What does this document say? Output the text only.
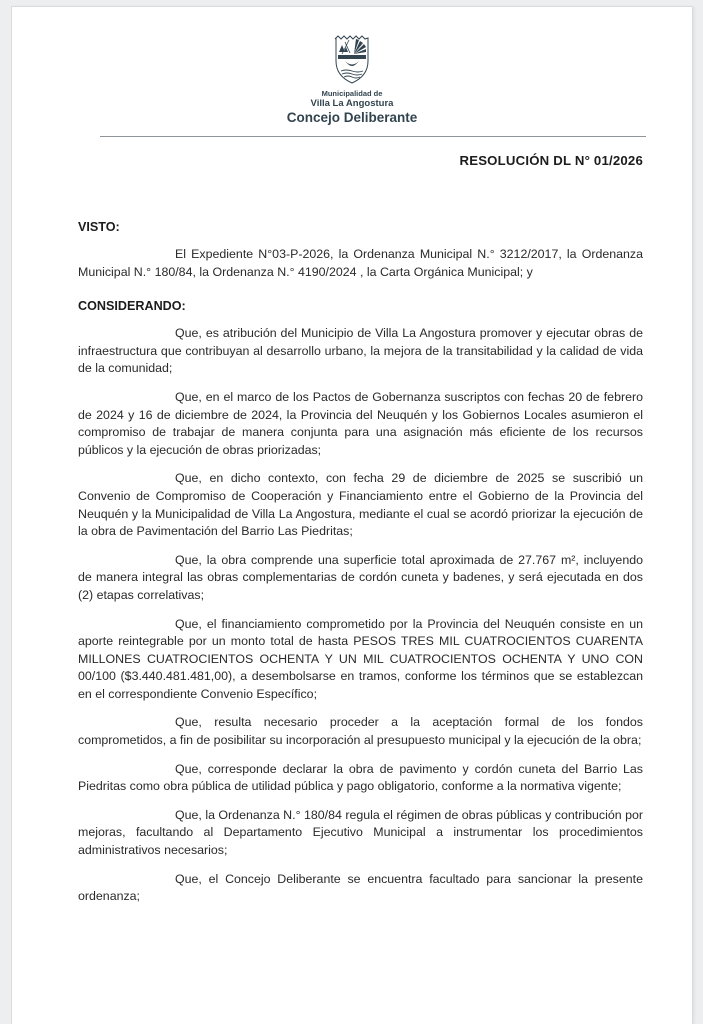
Municipalidad de
Villa La Angostura
Concejo Deliberante
RESOLUCIÓN DL N° 01/2026
VISTO:

El Expediente N°03-P-2026, la Ordenanza Municipal N.° 3212/2017, la Ordenanza Municipal N.° 180/84, la Ordenanza N.° 4190/2024 , la Carta Orgánica Municipal; y

CONSIDERANDO:

Que, es atribución del Municipio de Villa La Angostura promover y ejecutar obras de infraestructura que contribuyan al desarrollo urbano, la mejora de la transitabilidad y la calidad de vida de la comunidad;

Que, en el marco de los Pactos de Gobernanza suscriptos con fechas 20 de febrero de 2024 y 16 de diciembre de 2024, la Provincia del Neuquén y los Gobiernos Locales asumieron el compromiso de trabajar de manera conjunta para una asignación más eficiente de los recursos públicos y la ejecución de obras priorizadas;

Que, en dicho contexto, con fecha 29 de diciembre de 2025 se suscribió un Convenio de Compromiso de Cooperación y Financiamiento entre el Gobierno de la Provincia del Neuquén y la Municipalidad de Villa La Angostura, mediante el cual se acordó priorizar la ejecución de la obra de Pavimentación del Barrio Las Piedritas;

Que, la obra comprende una superficie total aproximada de 27.767 m², incluyendo de manera integral las obras complementarias de cordón cuneta y badenes, y será ejecutada en dos (2) etapas correlativas;

Que, el financiamiento comprometido por la Provincia del Neuquén consiste en un aporte reintegrable por un monto total de hasta PESOS TRES MIL CUATROCIENTOS CUARENTA MILLONES CUATROCIENTOS OCHENTA Y UN MIL CUATROCIENTOS OCHENTA Y UNO CON 00/100 ($3.440.481.481,00), a desembolsarse en tramos, conforme los términos que se establezcan en el correspondiente Convenio Específico;

Que, resulta necesario proceder a la aceptación formal de los fondos comprometidos, a fin de posibilitar su incorporación al presupuesto municipal y la ejecución de la obra;

Que, corresponde declarar la obra de pavimento y cordón cuneta del Barrio Las Piedritas como obra pública de utilidad pública y pago obligatorio, conforme a la normativa vigente;

Que, la Ordenanza N.° 180/84 regula el régimen de obras públicas y contribución por mejoras, facultando al Departamento Ejecutivo Municipal a instrumentar los procedimientos administrativos necesarios;

Que, el Concejo Deliberante se encuentra facultado para sancionar la presente ordenanza;
